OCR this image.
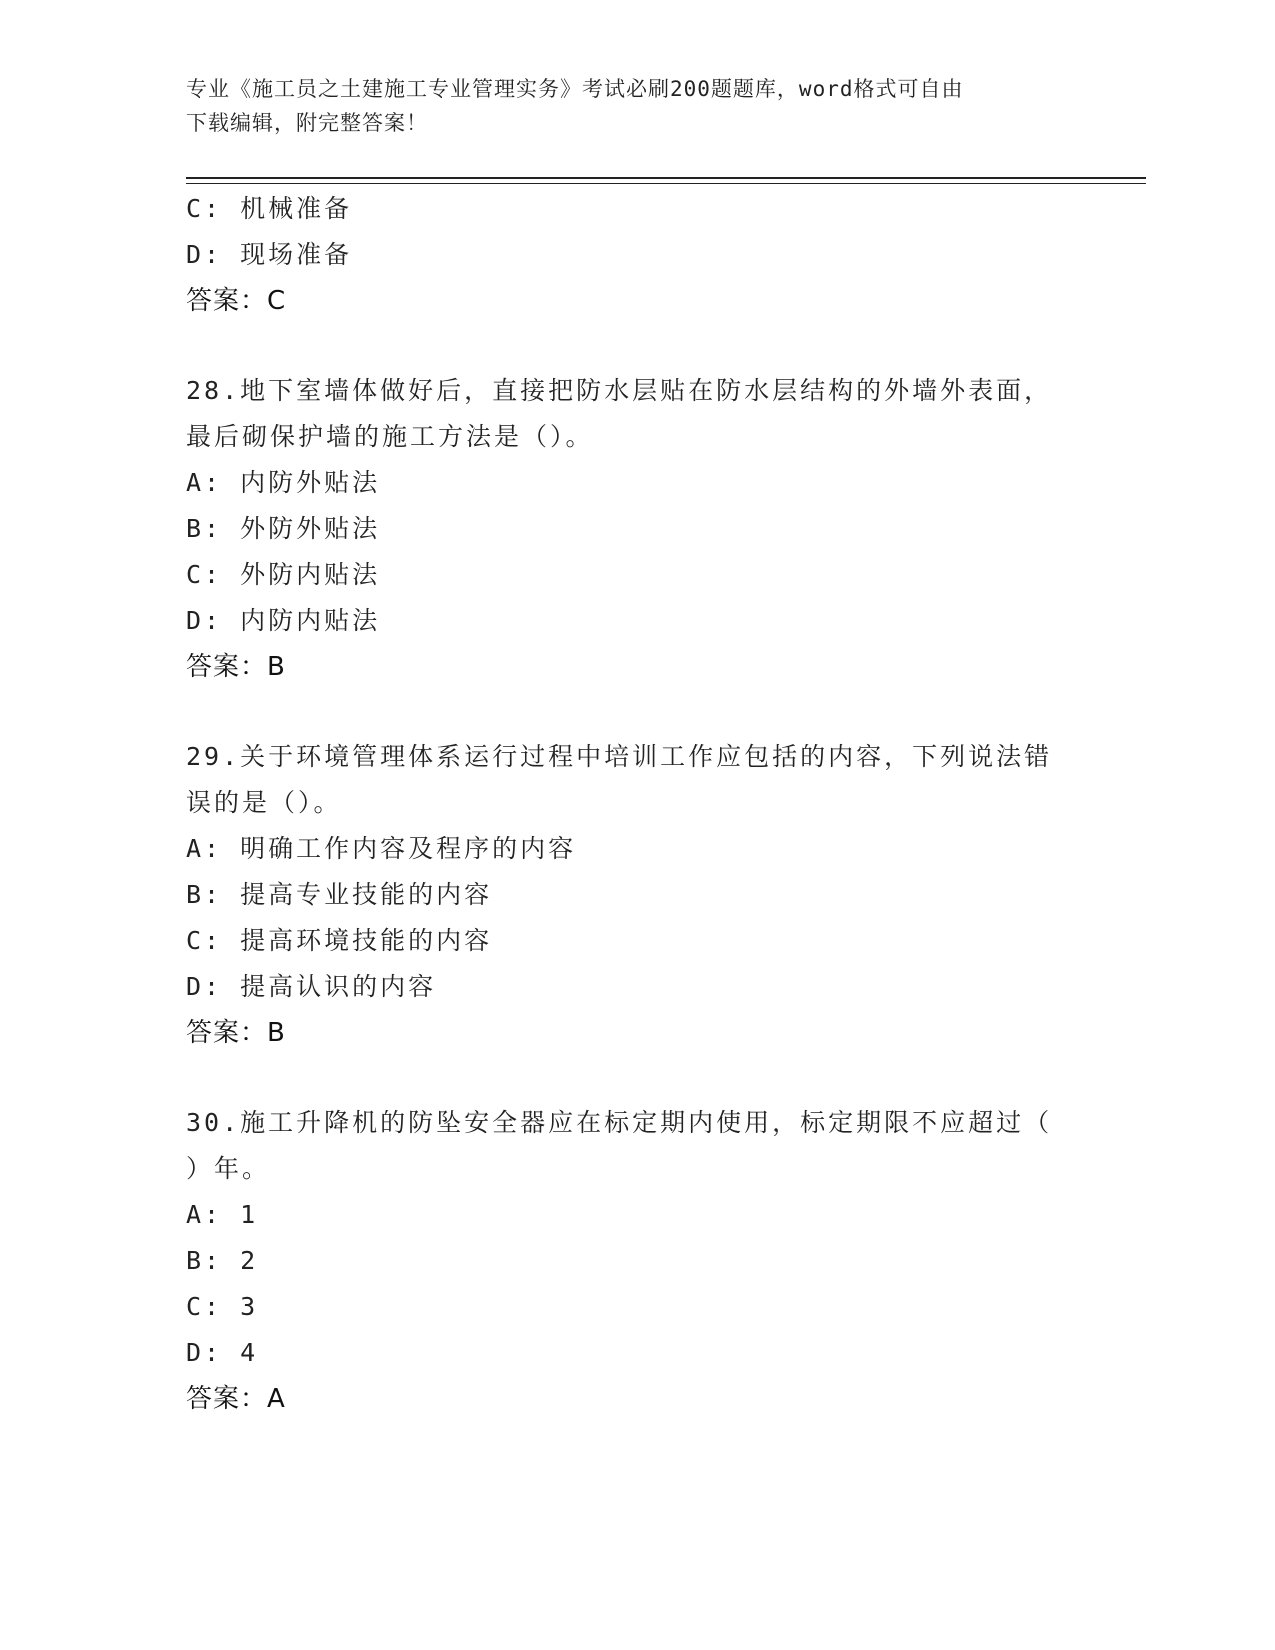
专业《施工员之土建施工专业管理实务》考试必刷200题题库，word格式可自由
下载编辑，附完整答案！
C: 机械准备
D: 现场准备
答案：C
28.地下室墙体做好后，直接把防水层贴在防水层结构的外墙外表面，
最后砌保护墙的施工方法是（）。
A: 内防外贴法
B: 外防外贴法
C: 外防内贴法
D: 内防内贴法
答案：B
29.关于环境管理体系运行过程中培训工作应包括的内容，下列说法错
误的是（）。
A: 明确工作内容及程序的内容
B: 提高专业技能的内容
C: 提高环境技能的内容
D: 提高认识的内容
答案：B
30.施工升降机的防坠安全器应在标定期内使用，标定期限不应超过（
）年。
A: 1
B: 2
C: 3
D: 4
答案：A
